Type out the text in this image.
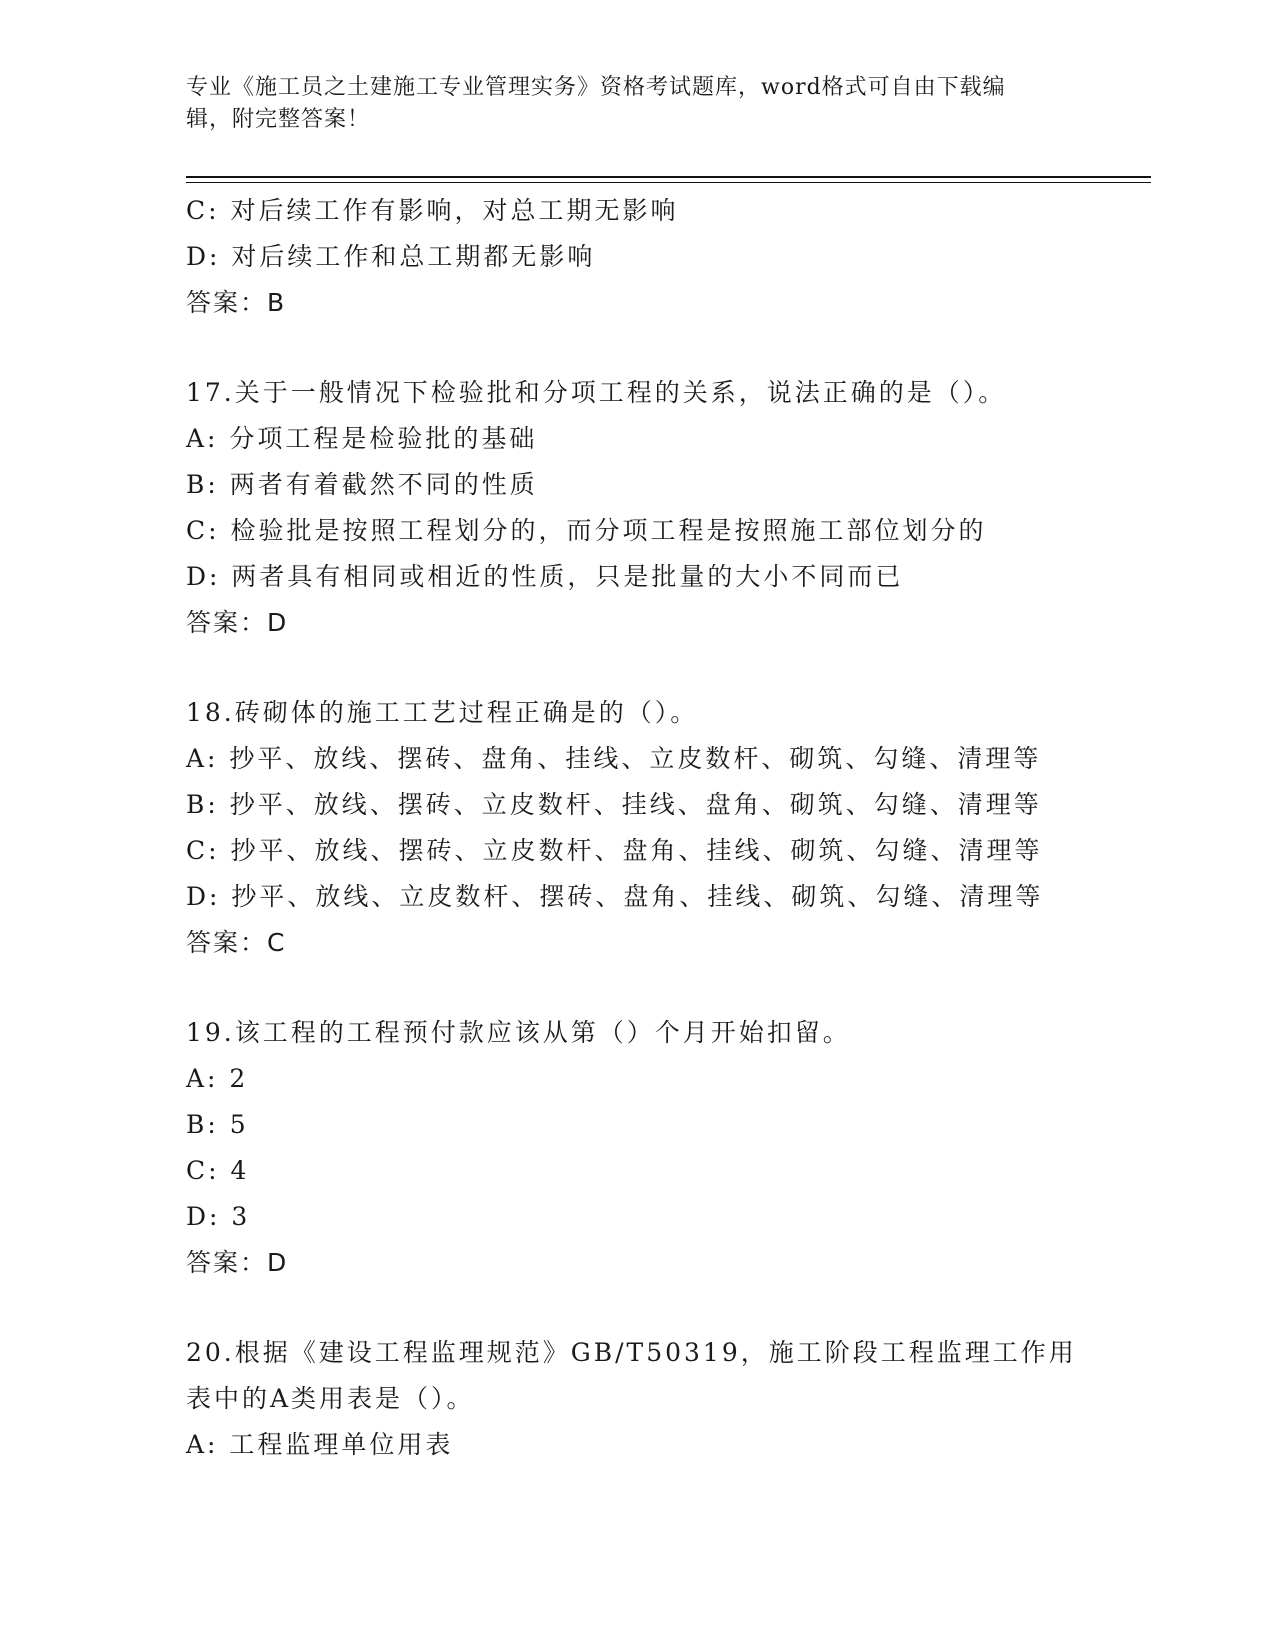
专业《施工员之土建施工专业管理实务》资格考试题库，word格式可自由下载编
辑，附完整答案！
C: 对后续工作有影响，对总工期无影响
D: 对后续工作和总工期都无影响
答案：B
17.关于一般情况下检验批和分项工程的关系，说法正确的是（）。
A: 分项工程是检验批的基础
B: 两者有着截然不同的性质
C: 检验批是按照工程划分的，而分项工程是按照施工部位划分的
D: 两者具有相同或相近的性质，只是批量的大小不同而已
答案：D
18.砖砌体的施工工艺过程正确是的（）。
A: 抄平、放线、摆砖、盘角、挂线、立皮数杆、砌筑、勾缝、清理等
B: 抄平、放线、摆砖、立皮数杆、挂线、盘角、砌筑、勾缝、清理等
C: 抄平、放线、摆砖、立皮数杆、盘角、挂线、砌筑、勾缝、清理等
D: 抄平、放线、立皮数杆、摆砖、盘角、挂线、砌筑、勾缝、清理等
答案：C
19.该工程的工程预付款应该从第（）个月开始扣留。
A: 2
B: 5
C: 4
D: 3
答案：D
20.根据《建设工程监理规范》GB/T50319，施工阶段工程监理工作用
表中的A类用表是（）。
A: 工程监理单位用表
